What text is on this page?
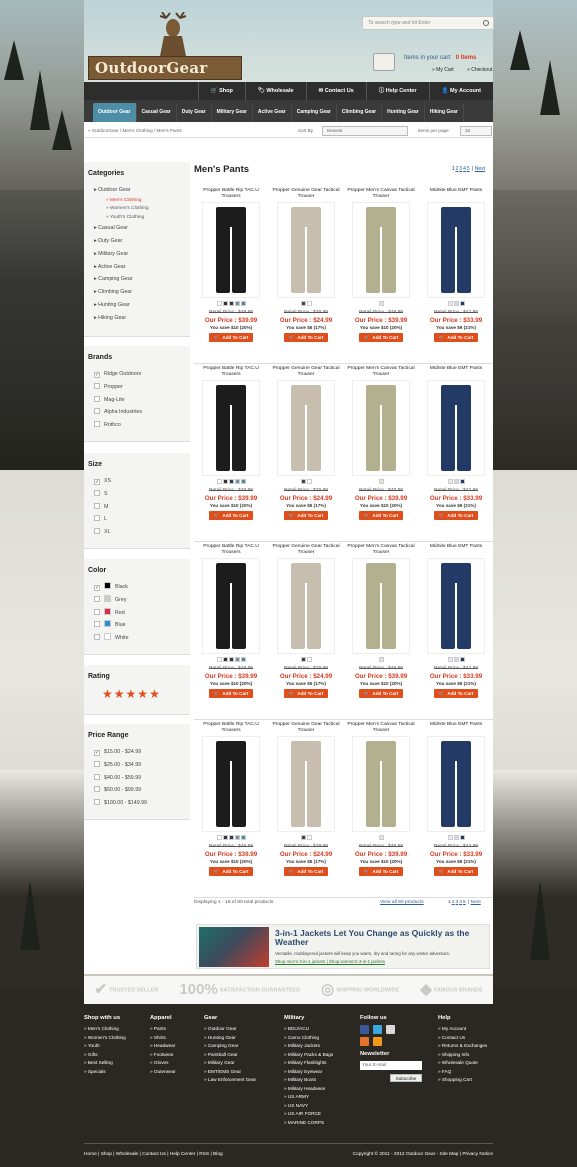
OutdoorGear
To search type and hit Enter
Items in your cart: 0 Items
» My Cart	» Checkout
🛒 Shop	🏷 Wholesale	✉ Contact Us	ⓘ Help Center	👤 My Account
Outdoor Gear	Casual Gear	Duty Gear	Military Gear	Active Gear	Camping Gear	Climbing Gear	Hunting Gear	Hiking Gear
« OutdoorGear / Men's Clothing / Men's Pants	Sort By	Newest	Items per page	16
Categories
▸ Outdoor Gear
» Men's Clothing
» Women's Clothing
» Youth's Clothing
▸ Casual Gear
▸ Duty Gear
▸ Military Gear
▸ Active Gear
▸ Camping Gear
▸ Climbing Gear
▸ Hunting Gear
▸ Hiking Gear
Brands
✓ Ridge Outdoors
Propper
Mag-Lite
Alpha Industries
Rothco
Size
✓ XS
S
M
L
XL
Color
✓	Black
Grey
Red
Blue
White
Rating
★★★★★
Price Range
✓ $15.00 - $24.99
$25.00 - $34.99
$40.00 - $59.99
$60.00 - $99.99
$100.00 - $149.99
Men's Pants	12345 | Next
Propper Battle Rip TAC.U Trousers
Retail Price : $49.99
Our Price : $39.99
You save $10 (20%)
🛒 Add To Cart
Propper Genuine Gear Tactical Trouser
Retail Price : $29.99
Our Price : $24.99
You save $5 (17%)
🛒 Add To Cart
Propper Men's Canvas Tactical Trouser
Retail Price : $49.99
Our Price : $39.99
You save $10 (20%)
🛒 Add To Cart
Midnite Blue EMT Pants
Retail Price : $42.99
Our Price : $33.99
You save $9 (21%)
🛒 Add To Cart
Propper Battle Rip TAC.U Trousers
Retail Price : $49.99
Our Price : $39.99
You save $10 (20%)
🛒 Add To Cart
Propper Genuine Gear Tactical Trouser
Retail Price : $29.99
Our Price : $24.99
You save $5 (17%)
🛒 Add To Cart
Propper Men's Canvas Tactical Trouser
Retail Price : $49.99
Our Price : $39.99
You save $10 (20%)
🛒 Add To Cart
Midnite Blue EMT Pants
Retail Price : $42.99
Our Price : $33.99
You save $9 (21%)
🛒 Add To Cart
Propper Battle Rip TAC.U Trousers
Retail Price : $49.99
Our Price : $39.99
You save $10 (20%)
🛒 Add To Cart
Propper Genuine Gear Tactical Trouser
Retail Price : $29.99
Our Price : $24.99
You save $5 (17%)
🛒 Add To Cart
Propper Men's Canvas Tactical Trouser
Retail Price : $49.99
Our Price : $39.99
You save $10 (20%)
🛒 Add To Cart
Midnite Blue EMT Pants
Retail Price : $42.99
Our Price : $33.99
You save $9 (21%)
🛒 Add To Cart
Propper Battle Rip TAC.U Trousers
Retail Price : $49.99
Our Price : $39.99
You save $10 (20%)
🛒 Add To Cart
Propper Genuine Gear Tactical Trouser
Retail Price : $29.99
Our Price : $24.99
You save $5 (17%)
🛒 Add To Cart
Propper Men's Canvas Tactical Trouser
Retail Price : $49.99
Our Price : $39.99
You save $10 (20%)
🛒 Add To Cart
Midnite Blue EMT Pants
Retail Price : $42.99
Our Price : $33.99
You save $9 (21%)
🛒 Add To Cart
Displaying 1 - 16 of 80 total products	View all 80 products	12345 | Next
3-in-1 Jackets Let You Change as Quickly as the Weather
Versatile, multilayered jackets will keep you warm, dry and raring for any winter adventure.
Shop men's 3-in-1 jackets | Shop women's 3-in-1 jackets
✔ TRUSTED SELLER 100% SATISFACTION GUARANTEED ◎ SHIPPING WORLDWIDE ◆ FAMOUS BRANDS
Shop with us
» Men's Clothing
» Women's Clothing
» Youth
» Gifts
» Best Selling
» Specials
Apparel
» Pants
» Shirts
» Headwear
» Footwear
» Gloves
» Outerwear
Gear
» Outdoor Gear
» Hunting Gear
» Camping Gear
» Paintball Gear
» Military Gear
» EMT/EMS Gear
» Law Enforcement Gear
Military
» BDU/ACU
» Camo Clothing
» Military Jackets
» Military Packs & Bags
» Military Flashlights
» Military Eyewear
» Military Boots
» Military Headwear
» US ARMY
» US NAVY
» US AIR FORCE
» MARINE CORPS
Follow us
Newsletter
Your E-mail
Subscribe
Help
» My Account
» Contact Us
» Returns & Exchanges
» Shipping Info
» Wholesale Quote
» FAQ
» Shopping Cart
Home | Shop | Wholesale | Contact Us | Help Center | RSS | Blog	Copyright © 2011 - 2012 Outdoor Gear - Site Map | Privacy Notice
